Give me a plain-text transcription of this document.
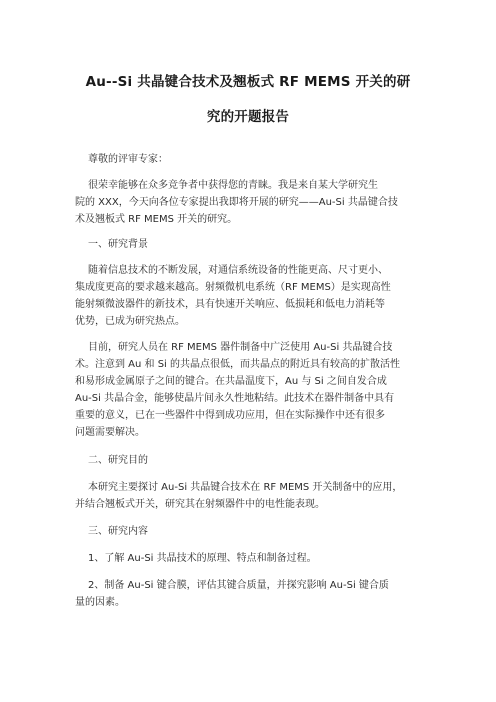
Au--Si 共晶键合技术及翘板式 RF MEMS 开关的研
究的开题报告
尊敬的评审专家：
很荣幸能够在众多竞争者中获得您的青睐。我是来自某大学研究生
院的 XXX，今天向各位专家提出我即将开展的研究——Au-Si 共晶键合技
术及翘板式 RF MEMS 开关的研究。
一、研究背景
随着信息技术的不断发展，对通信系统设备的性能更高、尺寸更小、
集成度更高的要求越来越高。射频微机电系统（RF MEMS）是实现高性
能射频微波器件的新技术，具有快速开关响应、低损耗和低电力消耗等
优势，已成为研究热点。
目前，研究人员在 RF MEMS 器件制备中广泛使用 Au-Si 共晶键合技
术。注意到 Au 和 Si 的共晶点很低，而共晶点的附近具有较高的扩散活性
和易形成金属原子之间的键合。在共晶温度下，Au 与 Si 之间自发合成
Au-Si 共晶合金，能够使晶片间永久性地粘结。此技术在器件制备中具有
重要的意义，已在一些器件中得到成功应用，但在实际操作中还有很多
问题需要解决。
二、研究目的
本研究主要探讨 Au-Si 共晶键合技术在 RF MEMS 开关制备中的应用，
并结合翘板式开关，研究其在射频器件中的电性能表现。
三、研究内容
1、了解 Au-Si 共晶技术的原理、特点和制备过程。
2、制备 Au-Si 键合膜，评估其键合质量，并探究影响 Au-Si 键合质
量的因素。
